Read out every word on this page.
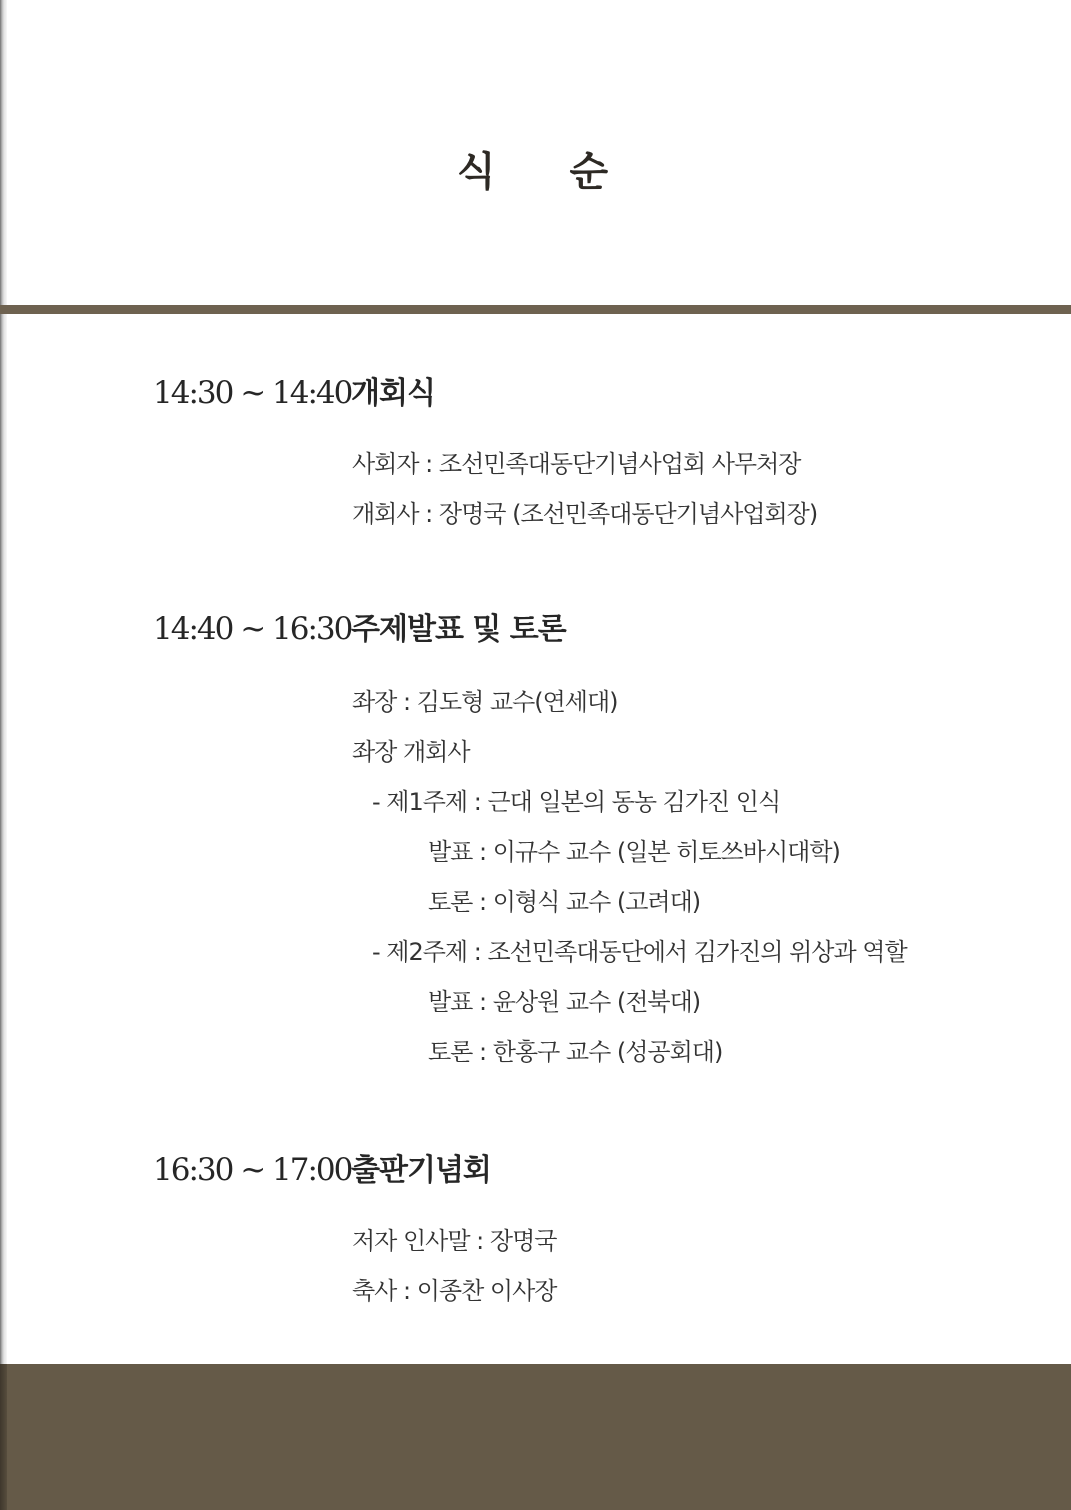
식 순
14:30 ~ 14:40개회식
사회자 : 조선민족대동단기념사업회 사무처장
개회사 : 장명국 (조선민족대동단기념사업회장)
14:40 ~ 16:30주제발표 및 토론
좌장 : 김도형 교수(연세대)
좌장 개회사
- 제1주제 : 근대 일본의 동농 김가진 인식
발표 : 이규수 교수 (일본 히토쓰바시대학)
토론 : 이형식 교수 (고려대)
- 제2주제 : 조선민족대동단에서 김가진의 위상과 역할
발표 : 윤상원 교수 (전북대)
토론 : 한홍구 교수 (성공회대)
16:30 ~ 17:00출판기념회
저자 인사말 : 장명국
축사 : 이종찬 이사장
